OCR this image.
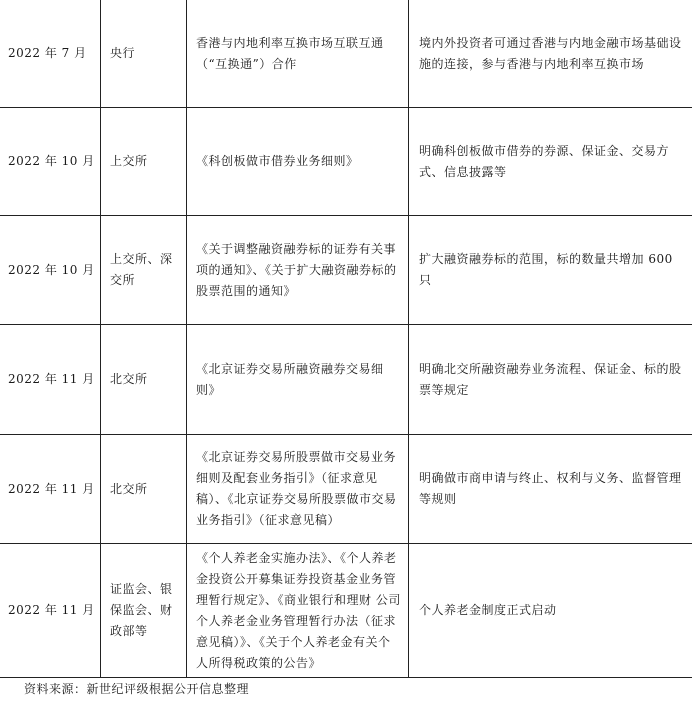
2022 年 7 月 央行
香港与内地利率互换市场互联互通（“互换通”）合作
境内外投资者可通过香港与内地金融市场基础设施的连接，参与香港与内地利率互换市场
2022 年 10 月 上交所	《科创板做市借券业务细则》
明确科创板做市借券的券源、保证金、交易方式、信息披露等
2022 年 10 月
上交所、深交所
《关于调整融资融券标的证券有关事项的通知》、《关于扩大融资融券标的股票范围的通知》
扩大融资融券标的范围，标的数量共增加 600 只
2022 年 11 月 北交所
《北京证券交易所融资融券交易细则》
明确北交所融资融券业务流程、保证金、标的股票等规定
2022 年 11 月 北交所
《北京证券交易所股票做市交易业务细则及配套业务指引》（征求意见稿）、《北京证券交易所股票做市交易业务指引》（征求意见稿）
明确做市商申请与终止、权利与义务、监督管理等规则
2022 年 11 月
证监会、银保监会、财政部等
《个人养老金实施办法》、《个人养老金投资公开募集证券投资基金业务管理暂行规定》、《商业银行和理财 公司个人养老金业务管理暂行办法（征求意见稿）》、《关于个人养老金有关个人所得税政策的公告》
个人养老金制度正式启动
资料来源：新世纪评级根据公开信息整理
